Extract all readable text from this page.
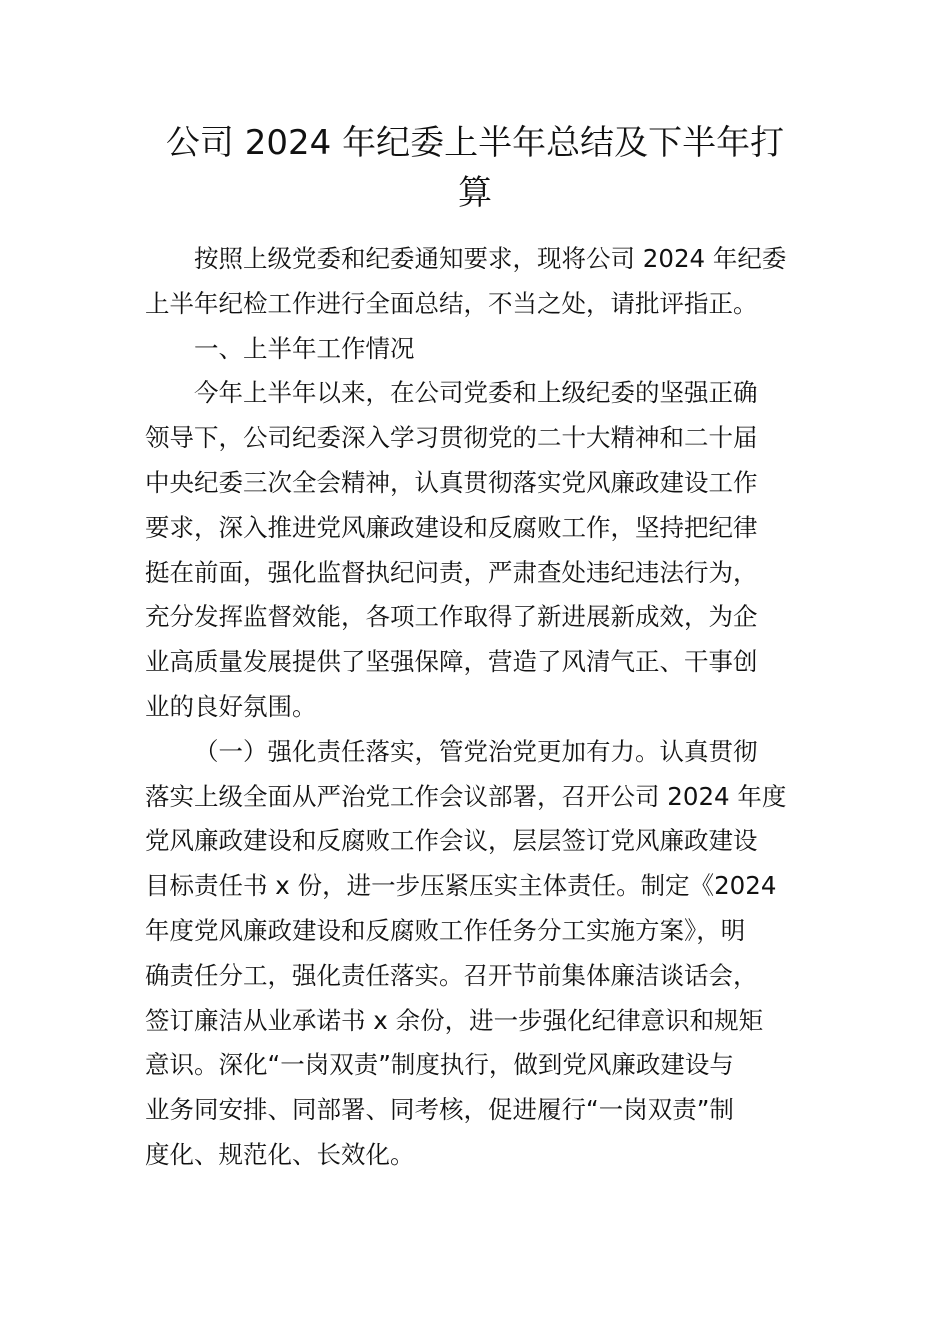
公司 2024 年纪委上半年总结及下半年打
算
按照上级党委和纪委通知要求，现将公司 2024 年纪委
上半年纪检工作进行全面总结，不当之处，请批评指正。
一、上半年工作情况
今年上半年以来，在公司党委和上级纪委的坚强正确
领导下，公司纪委深入学习贯彻党的二十大精神和二十届
中央纪委三次全会精神，认真贯彻落实党风廉政建设工作
要求，深入推进党风廉政建设和反腐败工作，坚持把纪律
挺在前面，强化监督执纪问责，严肃查处违纪违法行为，
充分发挥监督效能，各项工作取得了新进展新成效，为企
业高质量发展提供了坚强保障，营造了风清气正、干事创
业的良好氛围。
（一）强化责任落实，管党治党更加有力。认真贯彻
落实上级全面从严治党工作会议部署，召开公司 2024 年度
党风廉政建设和反腐败工作会议，层层签订党风廉政建设
目标责任书 x 份，进一步压紧压实主体责任。制定《2024
年度党风廉政建设和反腐败工作任务分工实施方案》，明
确责任分工，强化责任落实。召开节前集体廉洁谈话会，
签订廉洁从业承诺书 x 余份，进一步强化纪律意识和规矩
意识。深化“一岗双责”制度执行，做到党风廉政建设与
业务同安排、同部署、同考核，促进履行“一岗双责”制
度化、规范化、长效化。
